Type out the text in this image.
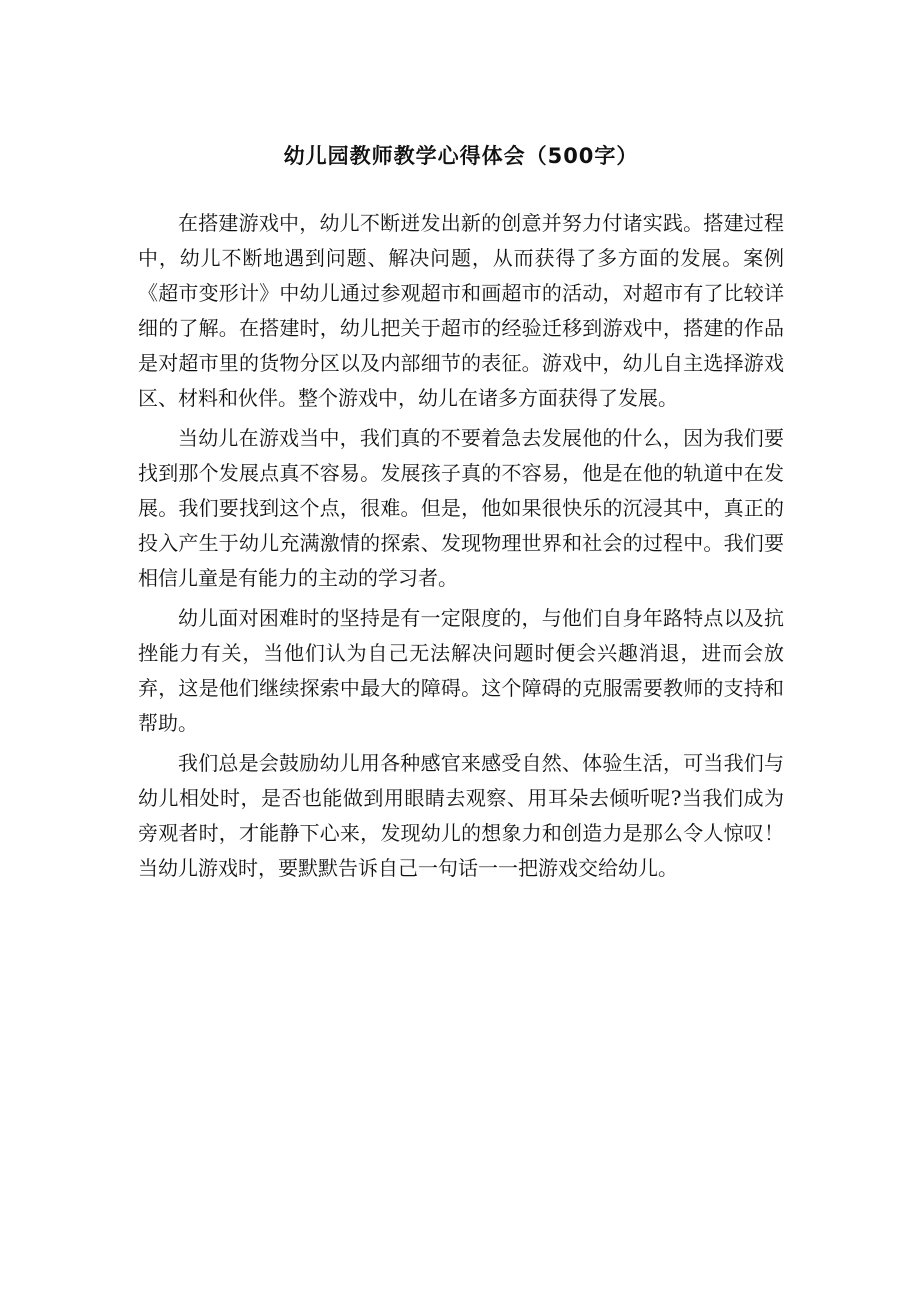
幼儿园教师教学心得体会（500字）

在搭建游戏中，幼儿不断迸发出新的创意并努力付诸实践。搭建过程中，幼儿不断地遇到问题、解决问题，从而获得了多方面的发展。案例《超市变形计》中幼儿通过参观超市和画超市的活动，对超市有了比较详细的了解。在搭建时，幼儿把关于超市的经验迁移到游戏中，搭建的作品是对超市里的货物分区以及内部细节的表征。游戏中，幼儿自主选择游戏区、材料和伙伴。整个游戏中，幼儿在诸多方面获得了发展。

当幼儿在游戏当中，我们真的不要着急去发展他的什么，因为我们要找到那个发展点真不容易。发展孩子真的不容易，他是在他的轨道中在发展。我们要找到这个点，很难。但是，他如果很快乐的沉浸其中，真正的投入产生于幼儿充满激情的探索、发现物理世界和社会的过程中。我们要相信儿童是有能力的主动的学习者。

幼儿面对困难时的坚持是有一定限度的，与他们自身年路特点以及抗挫能力有关，当他们认为自己无法解决问题时便会兴趣消退，进而会放弃，这是他们继续探索中最大的障碍。这个障碍的克服需要教师的支持和帮助。

我们总是会鼓励幼儿用各种感官来感受自然、体验生活，可当我们与幼儿相处时，是否也能做到用眼睛去观察、用耳朵去倾听呢?当我们成为旁观者时，才能静下心来，发现幼儿的想象力和创造力是那么令人惊叹！当幼儿游戏时，要默默告诉自己一句话一一把游戏交给幼儿。
